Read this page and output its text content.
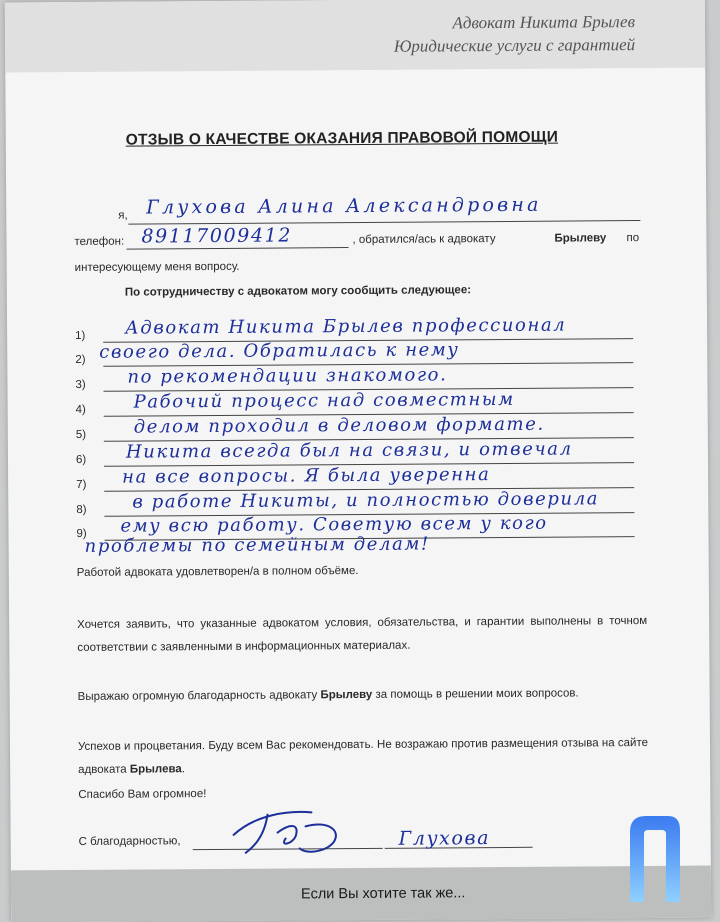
Адвокат Никита Брылев
Юридические услуги с гарантией
ОТЗЫВ О КАЧЕСТВЕ ОКАЗАНИЯ ПРАВОВОЙ ПОМОЩИ
я, Глухова Алина Александровна
телефон: 89117009412	, обратился/ась к адвокату	Брылеву по
интересующему меня вопросу.
По сотрудничеству с адвокатом могу сообщить следующее:
1) Адвокат Никита Брылев профессионал
2) своего дела. Обратилась к нему
3) по рекомендации знакомого.
4)	Рабочий процесс над совместным
5)	делом проходил в деловом формате.
6) Никита всегда был на связи, и отвечал
7) на все вопросы. Я была уверенна
8)	в работе Никиты, и полностью доверила
9) ему всю работу. Советую всем у кого
проблемы по семейным делам!
Работой адвоката удовлетворен/а в полном объёме.
Хочется заявить, что указанные адвокатом условия, обязательства, и гарантии выполнены в точном соответствии с заявленными в информационных материалах.
Выражаю огромную благодарность адвокату Брылеву за помощь в решении моих вопросов.
Успехов и процветания. Буду всем Вас рекомендовать. Не возражаю против размещения отзыва на сайте адвоката Брылева.
Спасибо Вам огромное!
С благодарностью,	Глухова
Если Вы хотите так же...
